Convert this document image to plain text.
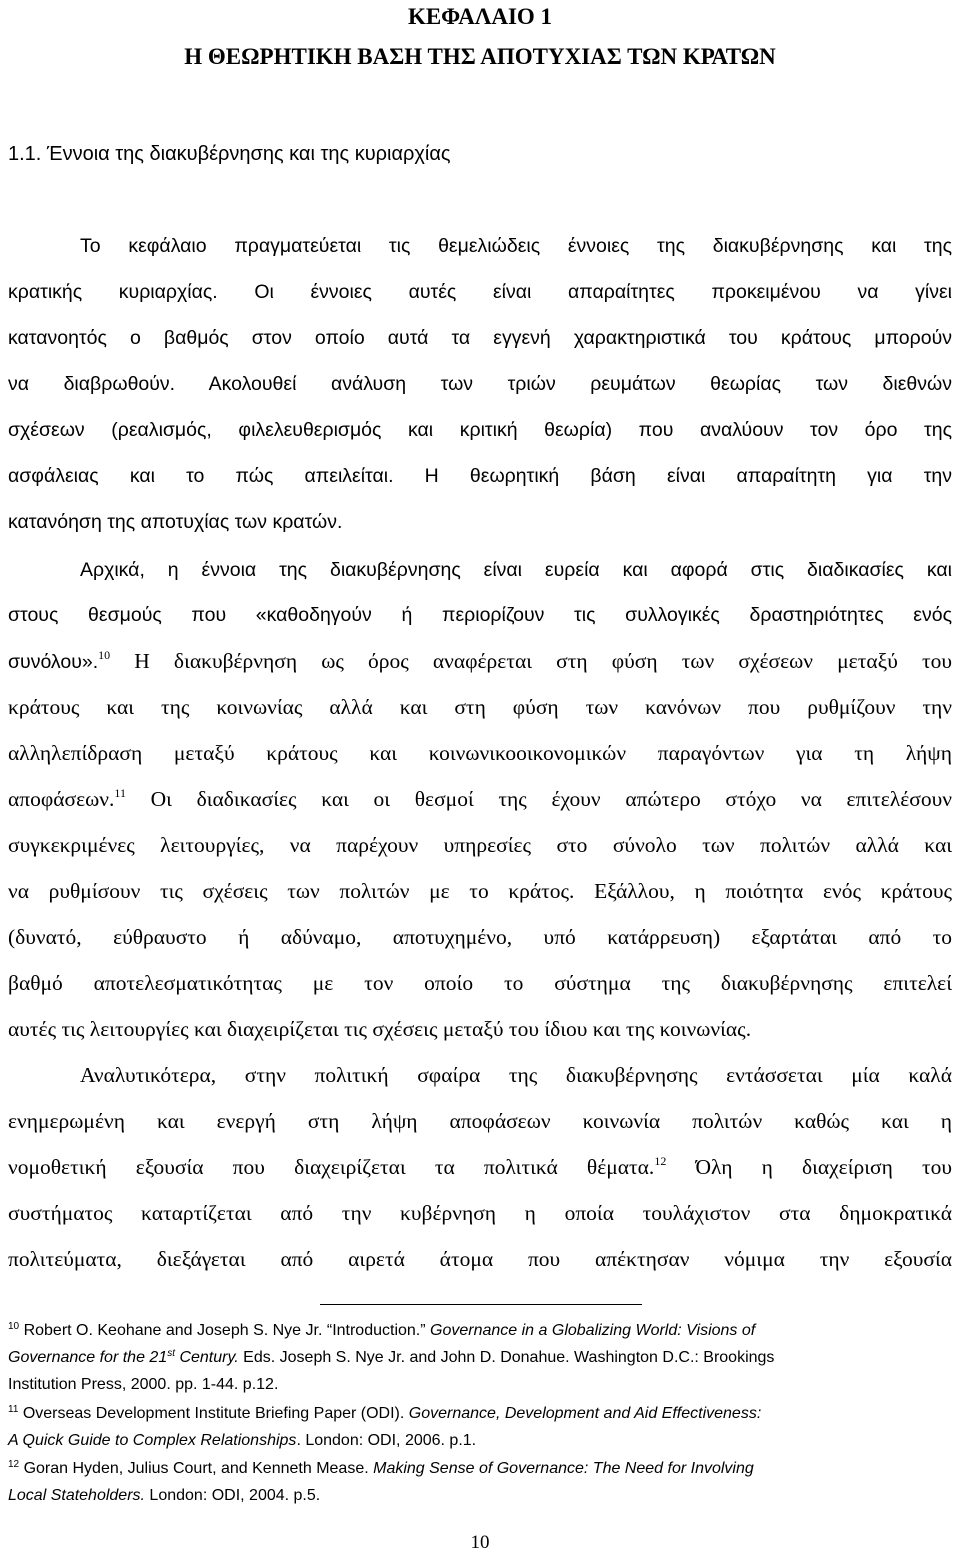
ΚΕΦΑΛΑΙΟ 1
Η ΘΕΩΡΗΤΙΚΗ ΒΑΣΗ ΤΗΣ ΑΠΟΤΥΧΙΑΣ ΤΩΝ ΚΡΑΤΩΝ
1.1. Έννοια της διακυβέρνησης και της κυριαρχίας
Το κεφάλαιο πραγματεύεται τις θεμελιώδεις έννοιες της διακυβέρνησης και της
κρατικής κυριαρχίας. Οι έννοιες αυτές είναι απαραίτητες προκειμένου να γίνει
κατανοητός ο βαθμός στον οποίο αυτά τα εγγενή χαρακτηριστικά του κράτους μπορούν
να διαβρωθούν. Ακολουθεί ανάλυση των τριών ρευμάτων θεωρίας των διεθνών
σχέσεων (ρεαλισμός, φιλελευθερισμός και κριτική θεωρία) που αναλύουν τον όρο της
ασφάλειας και το πώς απειλείται. Η θεωρητική βάση είναι απαραίτητη για την
κατανόηση της αποτυχίας των κρατών.
Αρχικά, η έννοια της διακυβέρνησης είναι ευρεία και αφορά στις διαδικασίες και
στους θεσμούς που «καθοδηγούν ή περιορίζουν τις συλλογικές δραστηριότητες ενός
συνόλου».$^{10}$ Η διακυβέρνηση ως όρος αναφέρεται στη φύση των σχέσεων μεταξύ του
κράτους και της κοινωνίας αλλά και στη φύση των κανόνων που ρυθμίζουν την
αλληλεπίδραση μεταξύ κράτους και κοινωνικοοικονομικών παραγόντων για τη λήψη
αποφάσεων.$^{11}$ Οι διαδικασίες και οι θεσμοί της έχουν απώτερο στόχο να επιτελέσουν
συγκεκριμένες λειτουργίες, να παρέχουν υπηρεσίες στο σύνολο των πολιτών αλλά και
να ρυθμίσουν τις σχέσεις των πολιτών με το κράτος. Εξάλλου, η ποιότητα ενός κράτους
(δυνατό, εύθραυστο ή αδύναμο, αποτυχημένο, υπό κατάρρευση) εξαρτάται από το
βαθμό αποτελεσματικότητας με τον οποίο το σύστημα της διακυβέρνησης επιτελεί
αυτές τις λειτουργίες και διαχειρίζεται τις σχέσεις μεταξύ του ίδιου και της κοινωνίας.
Αναλυτικότερα, στην πολιτική σφαίρα της διακυβέρνησης εντάσσεται μία καλά
ενημερωμένη και ενεργή στη λήψη αποφάσεων κοινωνία πολιτών καθώς και η
νομοθετική εξουσία που διαχειρίζεται τα πολιτικά θέματα.$^{12}$ Όλη η διαχείριση του
συστήματος καταρτίζεται από την κυβέρνηση η οποία τουλάχιστον στα δημοκρατικά
πολιτεύματα, διεξάγεται από αιρετά άτομα που απέκτησαν νόμιμα την εξουσία
$^{10}$ Robert O. Keohane and Joseph S. Nye Jr. “Introduction.” Governance in a Globalizing World: Visions of
Governance for the 21st Century. Eds. Joseph S. Nye Jr. and John D. Donahue. Washington D.C.: Brookings
Institution Press, 2000. pp. 1-44. p.12.
$^{11}$ Overseas Development Institute Briefing Paper (ODI). Governance, Development and Aid Effectiveness:
A Quick Guide to Complex Relationships. London: ODI, 2006. p.1.
$^{12}$ Goran Hyden, Julius Court, and Kenneth Mease. Making Sense of Governance: The Need for Involving
Local Stateholders. London: ODI, 2004. p.5.
10
